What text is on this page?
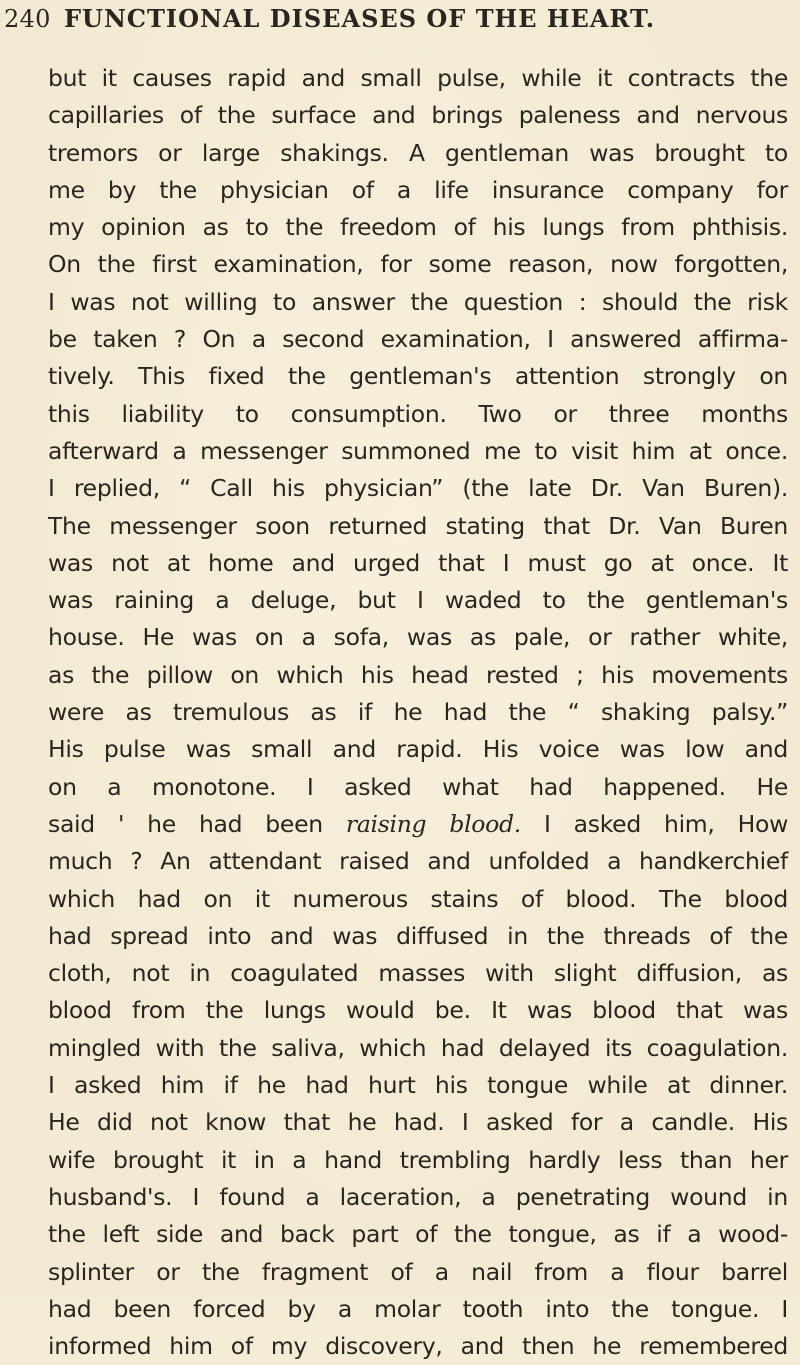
240 FUNCTIONAL DISEASES OF THE HEART.
but it causes rapid and small pulse, while it contracts the
capillaries of the surface and brings paleness and nervous
tremors or large shakings. A gentleman was brought to
me by the physician of a life insurance company for
my opinion as to the freedom of his lungs from phthisis.
On the first examination, for some reason, now forgotten,
I was not willing to answer the question : should the risk
be taken ? On a second examination, I answered affirma-
tively. This fixed the gentleman's attention strongly on
this liability to consumption. Two or three months
afterward a messenger summoned me to visit him at once.
I replied, “ Call his physician” (the late Dr. Van Buren).
The messenger soon returned stating that Dr. Van Buren
was not at home and urged that I must go at once. It
was raining a deluge, but I waded to the gentleman's
house. He was on a sofa, was as pale, or rather white,
as the pillow on which his head rested ; his movements
were as tremulous as if he had the “ shaking palsy.”
His pulse was small and rapid. His voice was low and
on a monotone. I asked what had happened. He
said ' he had been raising blood. I asked him, How
much ? An attendant raised and unfolded a handkerchief
which had on it numerous stains of blood. The blood
had spread into and was diffused in the threads of the
cloth, not in coagulated masses with slight diffusion, as
blood from the lungs would be. It was blood that was
mingled with the saliva, which had delayed its coagulation.
I asked him if he had hurt his tongue while at dinner.
He did not know that he had. I asked for a candle. His
wife brought it in a hand trembling hardly less than her
husband's. I found a laceration, a penetrating wound in
the left side and back part of the tongue, as if a wood-
splinter or the fragment of a nail from a flour barrel
had been forced by a molar tooth into the tongue. I
informed him of my discovery, and then he remembered
